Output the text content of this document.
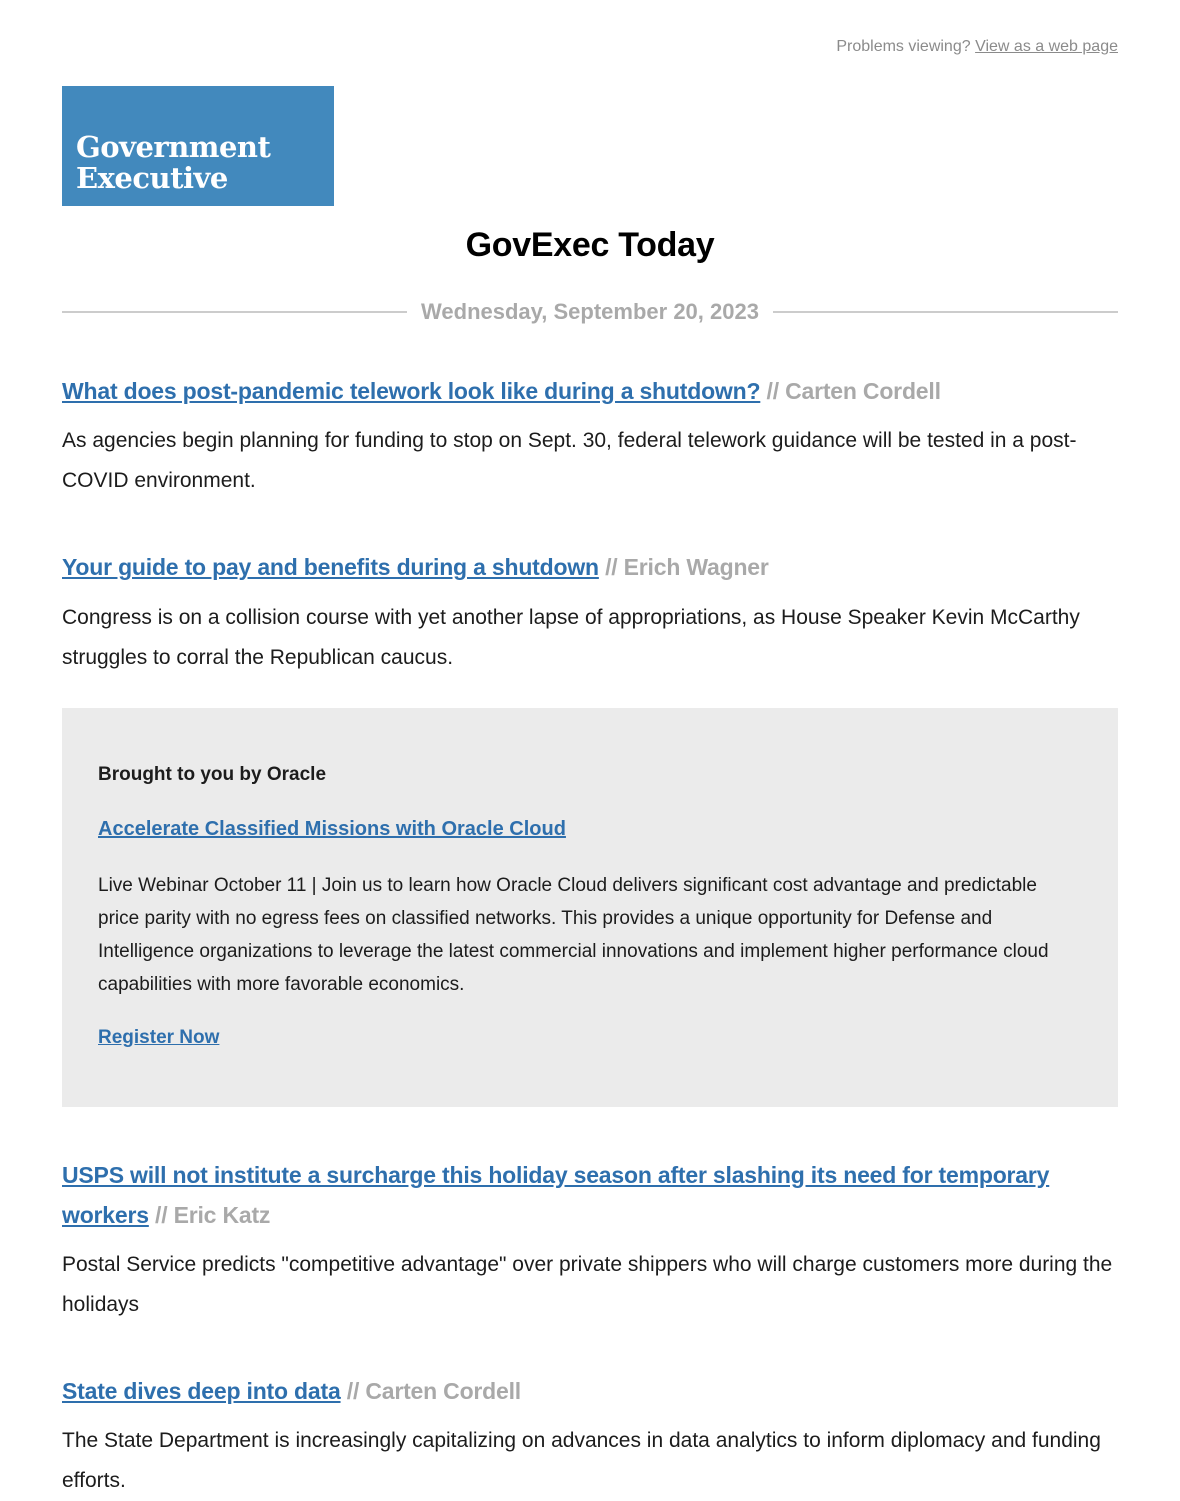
Problems viewing? View as a web page
Government
Executive
GovExec Today
Wednesday, September 20, 2023
What does post-pandemic telework look like during a shutdown? // Carten Cordell

As agencies begin planning for funding to stop on Sept. 30, federal telework guidance will be tested in a post-COVID environment.

Your guide to pay and benefits during a shutdown // Erich Wagner

Congress is on a collision course with yet another lapse of appropriations, as House Speaker Kevin McCarthy struggles to corral the Republican caucus.

Brought to you by Oracle
Accelerate Classified Missions with Oracle Cloud

Live Webinar October 11 | Join us to learn how Oracle Cloud delivers significant cost advantage and predictable price parity with no egress fees on classified networks. This provides a unique opportunity for Defense and Intelligence organizations to leverage the latest commercial innovations and implement higher performance cloud capabilities with more favorable economics.

Register Now
USPS will not institute a surcharge this holiday season after slashing its need for temporary workers // Eric Katz

Postal Service predicts "competitive advantage" over private shippers who will charge customers more during the holidays

State dives deep into data // Carten Cordell

The State Department is increasingly capitalizing on advances in data analytics to inform diplomacy and funding efforts.
